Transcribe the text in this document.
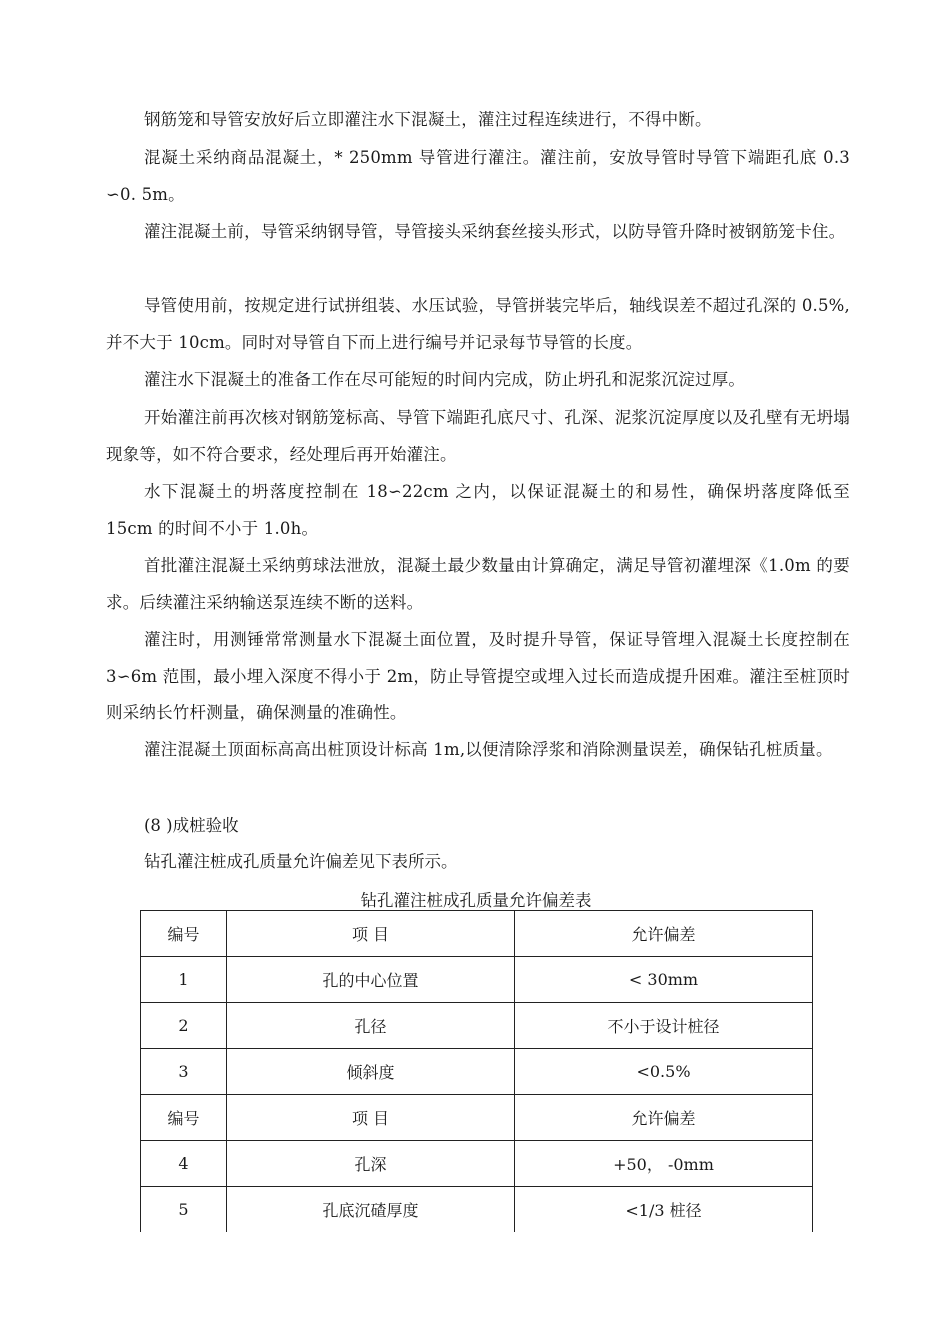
钢筋笼和导管安放好后立即灌注水下混凝土，灌注过程连续进行，不得中断。

混凝土采纳商品混凝土，* 250mm 导管进行灌注。灌注前，安放导管时导管下端距孔底 0.3 ∽0. 5m。

灌注混凝土前，导管采纳钢导管，导管接头采纳套丝接头形式，以防导管升降时被钢筋笼卡住。

导管使用前，按规定进行试拼组装、水压试验，导管拼装完毕后，轴线误差不超过孔深的 0.5%,并不大于 10cm。同时对导管自下而上进行编号并记录每节导管的长度。

灌注水下混凝土的准备工作在尽可能短的时间内完成，防止坍孔和泥浆沉淀过厚。

开始灌注前再次核对钢筋笼标高、导管下端距孔底尺寸、孔深、泥浆沉淀厚度以及孔壁有无坍塌现象等，如不符合要求，经处理后再开始灌注。

水下混凝土的坍落度控制在 18∽22cm 之内，以保证混凝土的和易性，确保坍落度降低至 15cm 的时间不小于 1.0h。

首批灌注混凝土采纳剪球法泄放，混凝土最少数量由计算确定，满足导管初灌埋深《1.0m 的要求。后续灌注采纳输送泵连续不断的送料。

灌注时，用测锤常常测量水下混凝土面位置，及时提升导管，保证导管埋入混凝土长度控制在 3∽6m 范围，最小埋入深度不得小于 2m，防止导管提空或埋入过长而造成提升困难。灌注至桩顶时则采纳长竹杆测量，确保测量的准确性。

灌注混凝土顶面标高高出桩顶设计标高 1m,以便清除浮浆和消除测量误差，确保钻孔桩质量。

(8 )成桩验收

钻孔灌注桩成孔质量允许偏差见下表所示。

钻孔灌注桩成孔质量允许偏差表

编号	项 目	允许偏差
1	孔的中心位置	< 30mm
2	孔径	不小于设计桩径
3	倾斜度	<0.5%
编号	项 目	允许偏差
4	孔深	+50， -0mm
5	孔底沉碴厚度	<1/3 桩径
